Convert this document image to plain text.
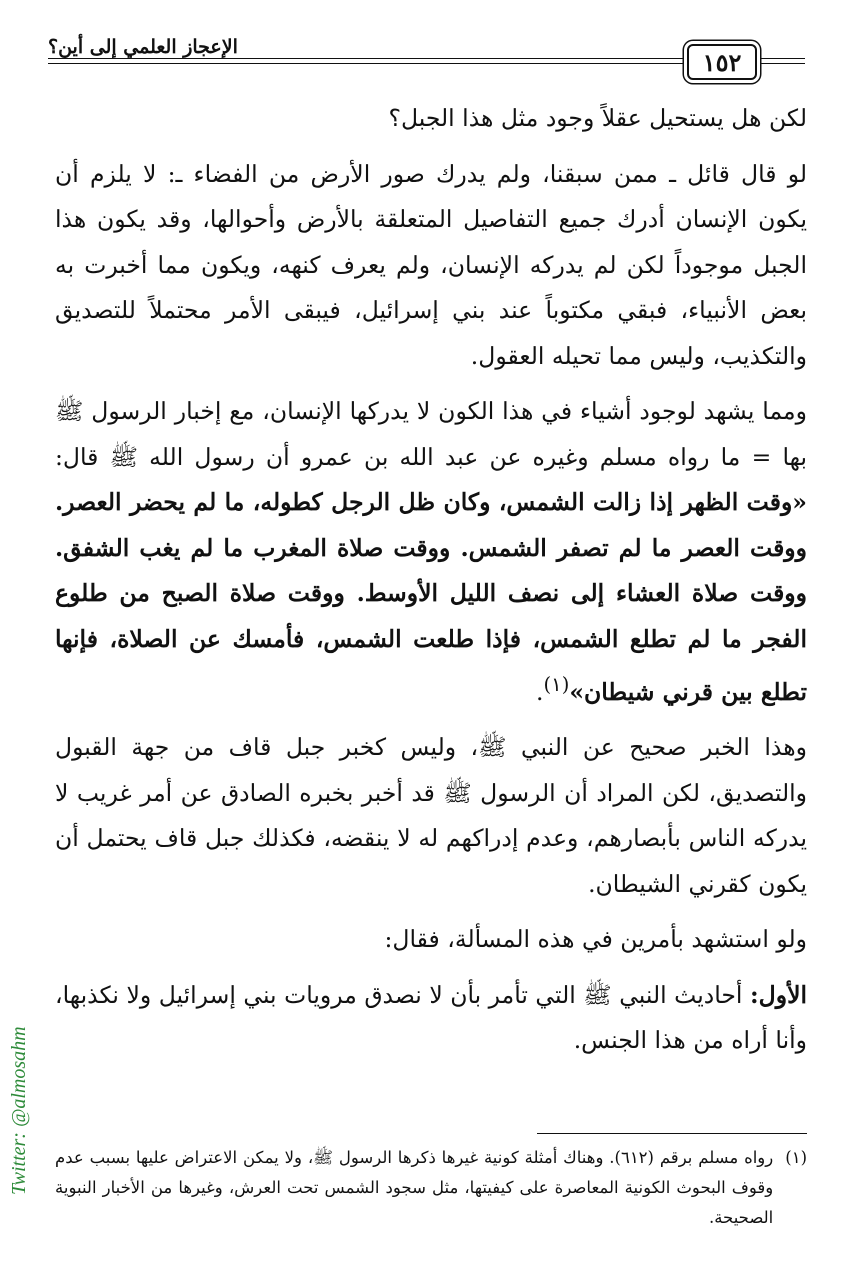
الإعجاز العلمي إلى أين؟
١٥٢

لكن هل يستحيل عقلاً وجود مثل هذا الجبل؟

لو قال قائل ـ ممن سبقنا، ولم يدرك صور الأرض من الفضاء ـ: لا يلزم أن يكون الإنسان أدرك جميع التفاصيل المتعلقة بالأرض وأحوالها، وقد يكون هذا الجبل موجوداً لكن لم يدركه الإنسان، ولم يعرف كنهه، ويكون مما أخبرت به بعض الأنبياء، فبقي مكتوباً عند بني إسرائيل، فيبقى الأمر محتملاً للتصديق والتكذيب، وليس مما تحيله العقول.

ومما يشهد لوجود أشياء في هذا الكون لا يدركها الإنسان، مع إخبار الرسول ﷺ بها = ما رواه مسلم وغيره عن عبد الله بن عمرو أن رسول الله ﷺ قال: «وقت الظهر إذا زالت الشمس، وكان ظل الرجل كطوله، ما لم يحضر العصر. ووقت العصر ما لم تصفر الشمس. ووقت صلاة المغرب ما لم يغب الشفق. ووقت صلاة العشاء إلى نصف الليل الأوسط. ووقت صلاة الصبح من طلوع الفجر ما لم تطلع الشمس، فإذا طلعت الشمس، فأمسك عن الصلاة، فإنها تطلع بين قرني شيطان»$^{(١)}$.

وهذا الخبر صحيح عن النبي ﷺ، وليس كخبر جبل قاف من جهة القبول والتصديق، لكن المراد أن الرسول ﷺ قد أخبر بخبره الصادق عن أمر غريب لا يدركه الناس بأبصارهم، وعدم إدراكهم له لا ينقضه، فكذلك جبل قاف يحتمل أن يكون كقرني الشيطان.

ولو استشهد بأمرين في هذه المسألة، فقال:

الأول: أحاديث النبي ﷺ التي تأمر بأن لا نصدق مرويات بني إسرائيل ولا نكذبها، وأنا أراه من هذا الجنس.

(١)
رواه مسلم برقم (٦١٢). وهناك أمثلة كونية غيرها ذكرها الرسول ﷺ، ولا يمكن الاعتراض عليها بسبب عدم وقوف البحوث الكونية المعاصرة على كيفيتها، مثل سجود الشمس تحت العرش، وغيرها من الأخبار النبوية الصحيحة.
Twitter: @almosahm
